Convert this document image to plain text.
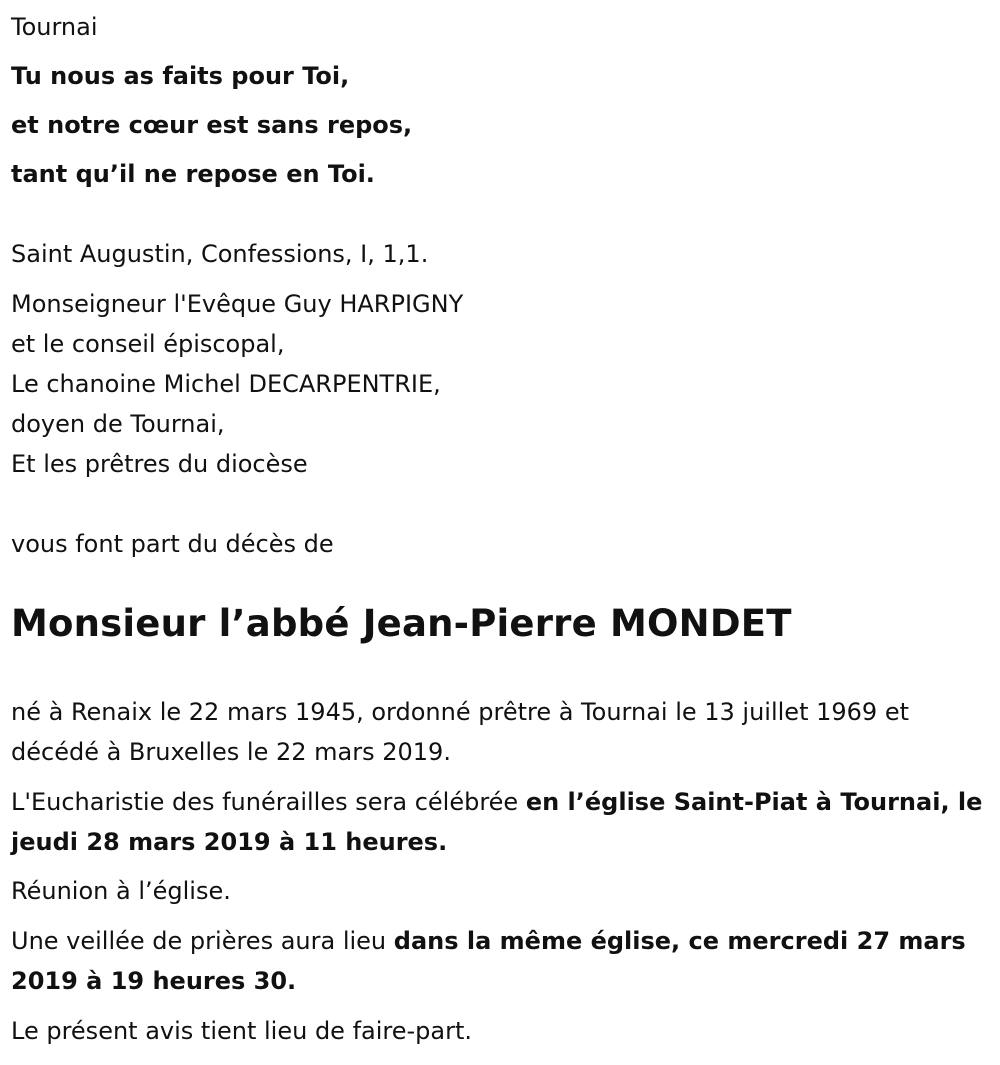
Tournai
Tu nous as faits pour Toi,
et notre cœur est sans repos,
tant qu’il ne repose en Toi.
Saint Augustin, Confessions, I, 1,1.
Monseigneur l'Evêque Guy HARPIGNY
et le conseil épiscopal,
Le chanoine Michel DECARPENTRIE,
doyen de Tournai,
Et les prêtres du diocèse
vous font part du décès de
Monsieur l’abbé Jean-Pierre MONDET
né à Renaix le 22 mars 1945, ordonné prêtre à Tournai le 13 juillet 1969 et décédé à Bruxelles le 22 mars 2019.
L'Eucharistie des funérailles sera célébrée en l’église Saint-Piat à Tournai, le jeudi 28 mars 2019 à 11 heures.
Réunion à l’église.
Une veillée de prières aura lieu dans la même église, ce mercredi 27 mars 2019 à 19 heures 30.
Le présent avis tient lieu de faire-part.
